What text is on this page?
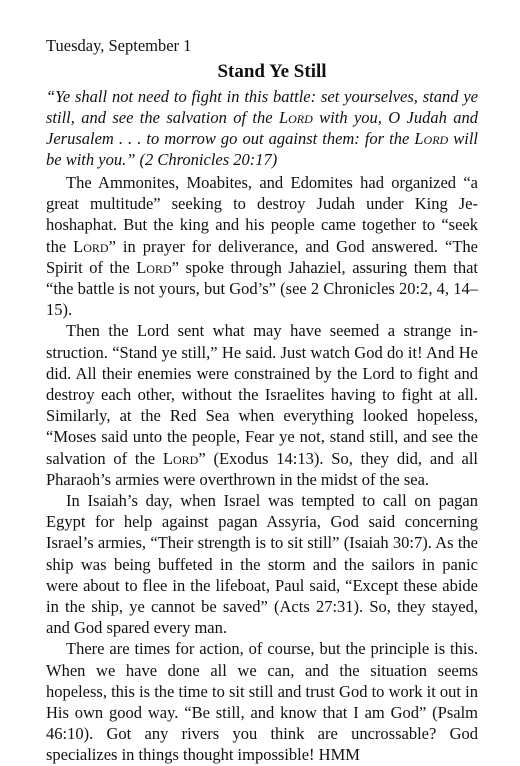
Tuesday, September 1

Stand Ye Still

“Ye shall not need to fight in this battle: set yourselves, stand ye still, and see the salvation of the Lord with you, O Judah and Jerusalem . . . to morrow go out against them: for the Lord will be with you.” (2 Chronicles 20:17)

The Ammonites, Moabites, and Edomites had organized “a great multitude” seeking to destroy Judah under King Jehoshaphat. But the king and his people came together to “seek the Lord” in prayer for deliverance, and God answered. “The Spirit of the Lord” spoke through Jahaziel, assuring them that “the battle is not yours, but God’s” (see 2 Chronicles 20:2, 4, 14–15).

Then the Lord sent what may have seemed a strange instruction. “Stand ye still,” He said. Just watch God do it! And He did. All their enemies were constrained by the Lord to fight and destroy each other, without the Israelites having to fight at all. Similarly, at the Red Sea when everything looked hopeless, “Moses said unto the people, Fear ye not, stand still, and see the salvation of the Lord” (Exodus 14:13). So, they did, and all Pharaoh’s armies were overthrown in the midst of the sea.

In Isaiah’s day, when Israel was tempted to call on pagan Egypt for help against pagan Assyria, God said concerning Israel’s armies, “Their strength is to sit still” (Isaiah 30:7). As the ship was being buffeted in the storm and the sailors in panic were about to flee in the lifeboat, Paul said, “Except these abide in the ship, ye cannot be saved” (Acts 27:31). So, they stayed, and God spared every man.

There are times for action, of course, but the principle is this. When we have done all we can, and the situation seems hopeless, this is the time to sit still and trust God to work it out in His own good way. “Be still, and know that I am God” (Psalm 46:10). Got any rivers you think are uncrossable? God specializes in things thought impossible! HMM
